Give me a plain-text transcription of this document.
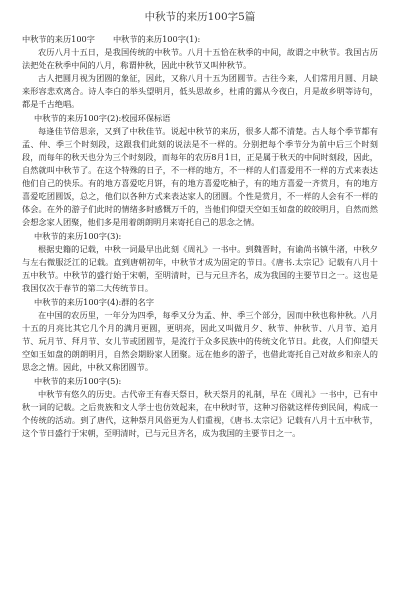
中秋节的来历100字5篇
中秋节的来历100字 中秋节的来历100字(1):

农历八月十五日，是我国传统的中秋节。八月十五恰在秋季的中间，故谓之中秋节。我国古历法把处在秋季中间的八月，称谓仲秋，因此中秋节又叫仲秋节。

古人把圆月视为团圆的象征，因此，又称八月十五为团圆节。古往今来，人们常用月圆、月缺来形容悲欢离合。诗人李白的举头望明月，低头思故乡，杜甫的露从今夜白，月是故乡明等诗句，都是千古绝唱。

中秋节的来历100字(2):校园环保标语

每逢佳节倍思亲，又到了中秋佳节。说起中秋节的来历，很多人都不清楚。古人每个季节都有孟、仲、季三个时刻段，这跟我们此刻的说法是不一样的。分别把每个季节分为前中后三个时刻段，而每年的秋天也分为三个时刻段，而每年的农历8月1日，正是属于秋天的中间时刻段，因此，自然就叫中秋节了。在这个特殊的日子，不一样的地方，不一样的人们喜爱用不一样的方式来表达他们自己的快乐。有的地方喜爱吃月饼，有的地方喜爱吃柚子，有的地方喜爱一齐赏月，有的地方喜爱吃团圆饭，总之，他们以各种方式来表达家人的团圆。个性是赏月，不一样的人会有不一样的体会。在外的游子们此时的情绪多时感慨万千的，当他们仰望天空如玉如盘的皎皎明月，自然而然会想念家人团聚，他们多是用着朗朗明月来寄托自己的思念之情。

中秋节的来历100字(3):

根据史籍的记载，中秋一词最早出此刻《周礼》一书中。到魏晋时，有谕尚书镇牛渚，中秋夕与左右微服泛江的记载。直到唐朝初年，中秋节才成为固定的节日。《唐书.太宗记》记载有八月十五中秋节。中秋节的盛行始于宋朝，至明清时，已与元旦齐名，成为我国的主要节日之一。这也是我国仅次于春节的第二大传统节日。

中秋节的来历100字(4):群的名字

在中国的农历里，一年分为四季，每季又分为孟、仲、季三个部分，因而中秋也称仲秋。八月十五的月亮比其它几个月的满月更圆，更明亮，因此又叫做月夕、秋节、仲秋节、八月节、追月节、玩月节、拜月节、女儿节或团圆节，是流行于众多民族中的传统文化节日。此夜，人们仰望天空如玉如盘的朗朗明月，自然会期盼家人团聚。远在他乡的游子，也借此寄托自己对故乡和亲人的思念之情。因此，中秋又称团圆节。

中秋节的来历100字(5):

中秋节有悠久的历史。古代帝王有春天祭日，秋天祭月的礼制，早在《周礼》一书中，已有中秋一词的记载。之后贵族和文人学士也仿效起来，在中秋时节，这种习俗就这样传到民间，构成一个传统的活动。到了唐代，这种祭月风俗更为人们重视，《唐书.太宗记》记载有八月十五中秋节，这个节日盛行于宋朝，至明清时，已与元旦齐名，成为我国的主要节日之一。
